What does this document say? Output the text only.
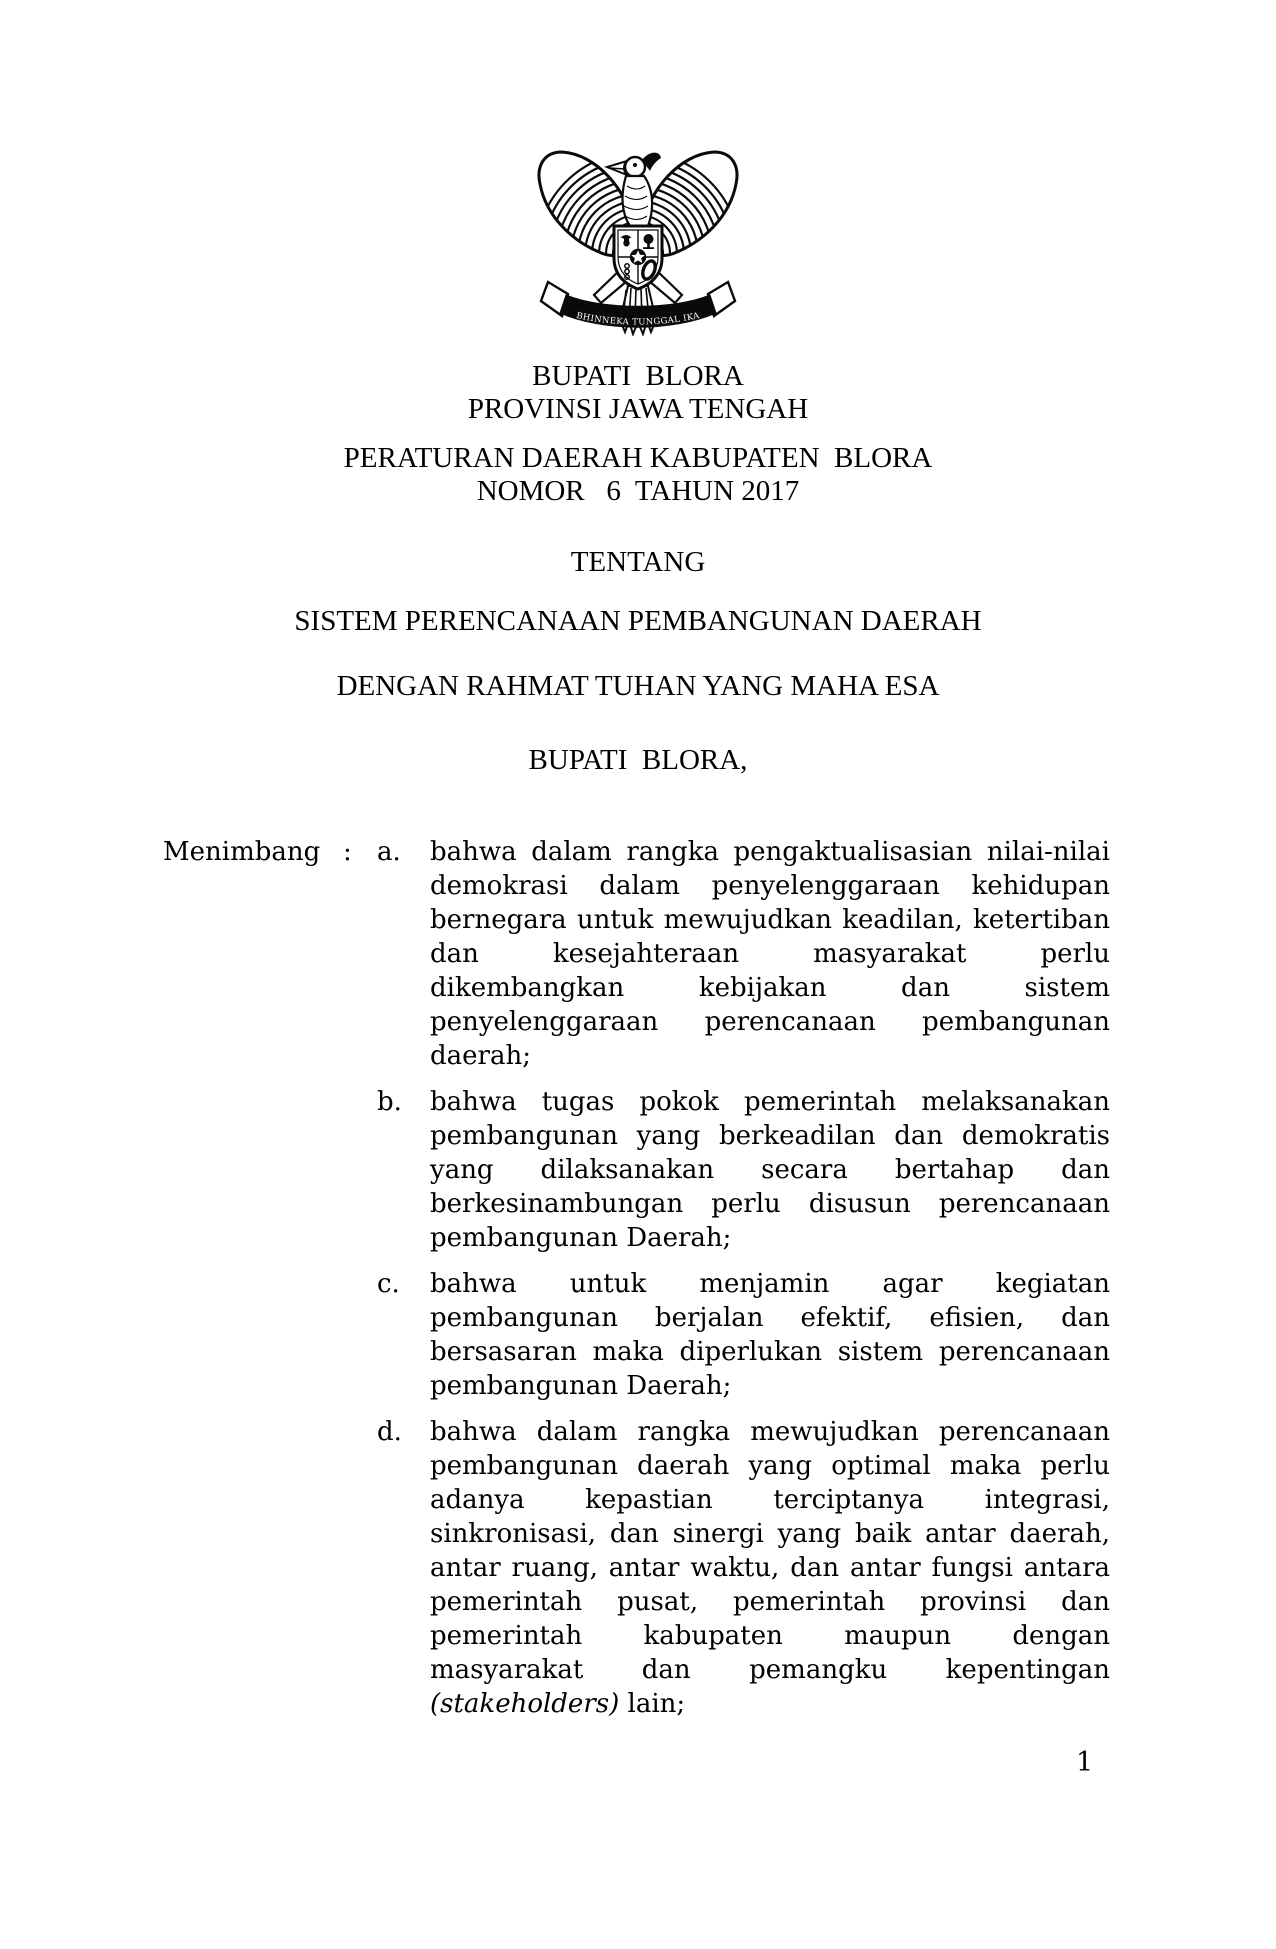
BHINNEKA TUNGGAL IKA
BUPATI  BLORA
PROVINSI JAWA TENGAH
PERATURAN DAERAH KABUPATEN  BLORA
NOMOR   6  TAHUN 2017
TENTANG
SISTEM PERENCANAAN PEMBANGUNAN DAERAH
DENGAN RAHMAT TUHAN YANG MAHA ESA
BUPATI  BLORA,
Menimbang : a.	bahwa dalam rangka pengaktualisasian nilai-nilai demokrasi dalam penyelenggaraan kehidupan bernegara untuk mewujudkan keadilan, ketertiban dan kesejahteraan masyarakat perlu dikembangkan kebijakan dan sistem penyelenggaraan perencanaan pembangunan daerah;
b.	bahwa tugas pokok pemerintah melaksanakan pembangunan yang berkeadilan dan demokratis yang dilaksanakan secara bertahap dan berkesinambungan perlu disusun perencanaan pembangunan Daerah;
c.	bahwa untuk menjamin agar kegiatan pembangunan berjalan efektif, efisien, dan bersasaran maka diperlukan sistem perencanaan pembangunan Daerah;
d.	bahwa dalam rangka mewujudkan perencanaan pembangunan daerah yang optimal maka perlu adanya kepastian terciptanya integrasi, sinkronisasi, dan sinergi yang baik antar daerah, antar ruang, antar waktu, dan antar fungsi antara pemerintah pusat, pemerintah provinsi dan pemerintah kabupaten maupun dengan masyarakat dan pemangku kepentingan (stakeholders) lain;
1
